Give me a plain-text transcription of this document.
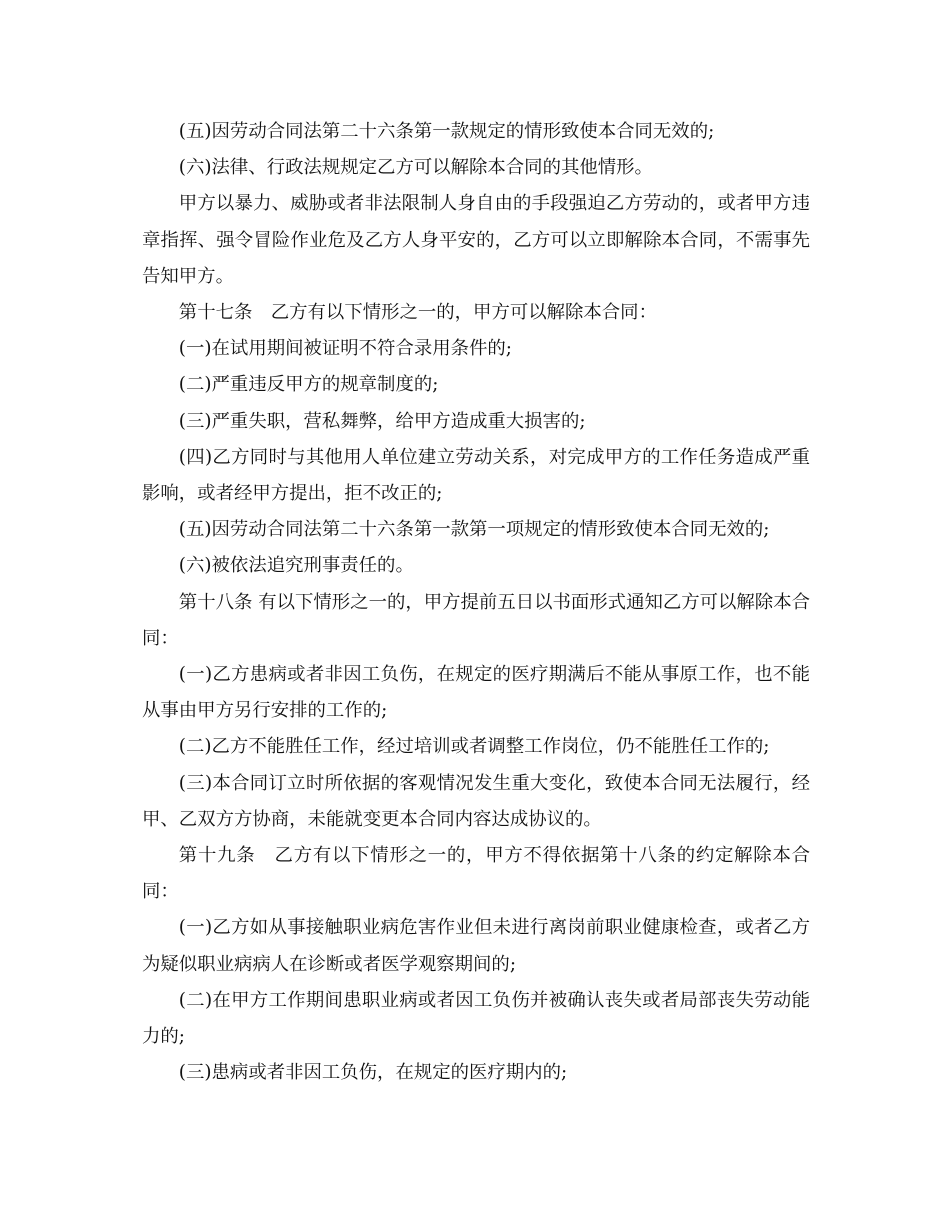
(五)因劳动合同法第二十六条第一款规定的情形致使本合同无效的;

(六)法律、行政法规规定乙方可以解除本合同的其他情形。

甲方以暴力、威胁或者非法限制人身自由的手段强迫乙方劳动的，或者甲方违章指挥、强令冒险作业危及乙方人身平安的，乙方可以立即解除本合同，不需事先告知甲方。

第十七条　乙方有以下情形之一的，甲方可以解除本合同：

(一)在试用期间被证明不符合录用条件的;

(二)严重违反甲方的规章制度的;

(三)严重失职，营私舞弊，给甲方造成重大损害的;

(四)乙方同时与其他用人单位建立劳动关系，对完成甲方的工作任务造成严重影响，或者经甲方提出，拒不改正的;

(五)因劳动合同法第二十六条第一款第一项规定的情形致使本合同无效的;

(六)被依法追究刑事责任的。

第十八条 有以下情形之一的，甲方提前五日以书面形式通知乙方可以解除本合同：

(一)乙方患病或者非因工负伤，在规定的医疗期满后不能从事原工作，也不能从事由甲方另行安排的工作的;

(二)乙方不能胜任工作，经过培训或者调整工作岗位，仍不能胜任工作的;

(三)本合同订立时所依据的客观情况发生重大变化，致使本合同无法履行，经甲、乙双方方协商，未能就变更本合同内容达成协议的。

第十九条　乙方有以下情形之一的，甲方不得依据第十八条的约定解除本合同：

(一)乙方如从事接触职业病危害作业但未进行离岗前职业健康检查，或者乙方为疑似职业病病人在诊断或者医学观察期间的;

(二)在甲方工作期间患职业病或者因工负伤并被确认丧失或者局部丧失劳动能力的;

(三)患病或者非因工负伤，在规定的医疗期内的;
